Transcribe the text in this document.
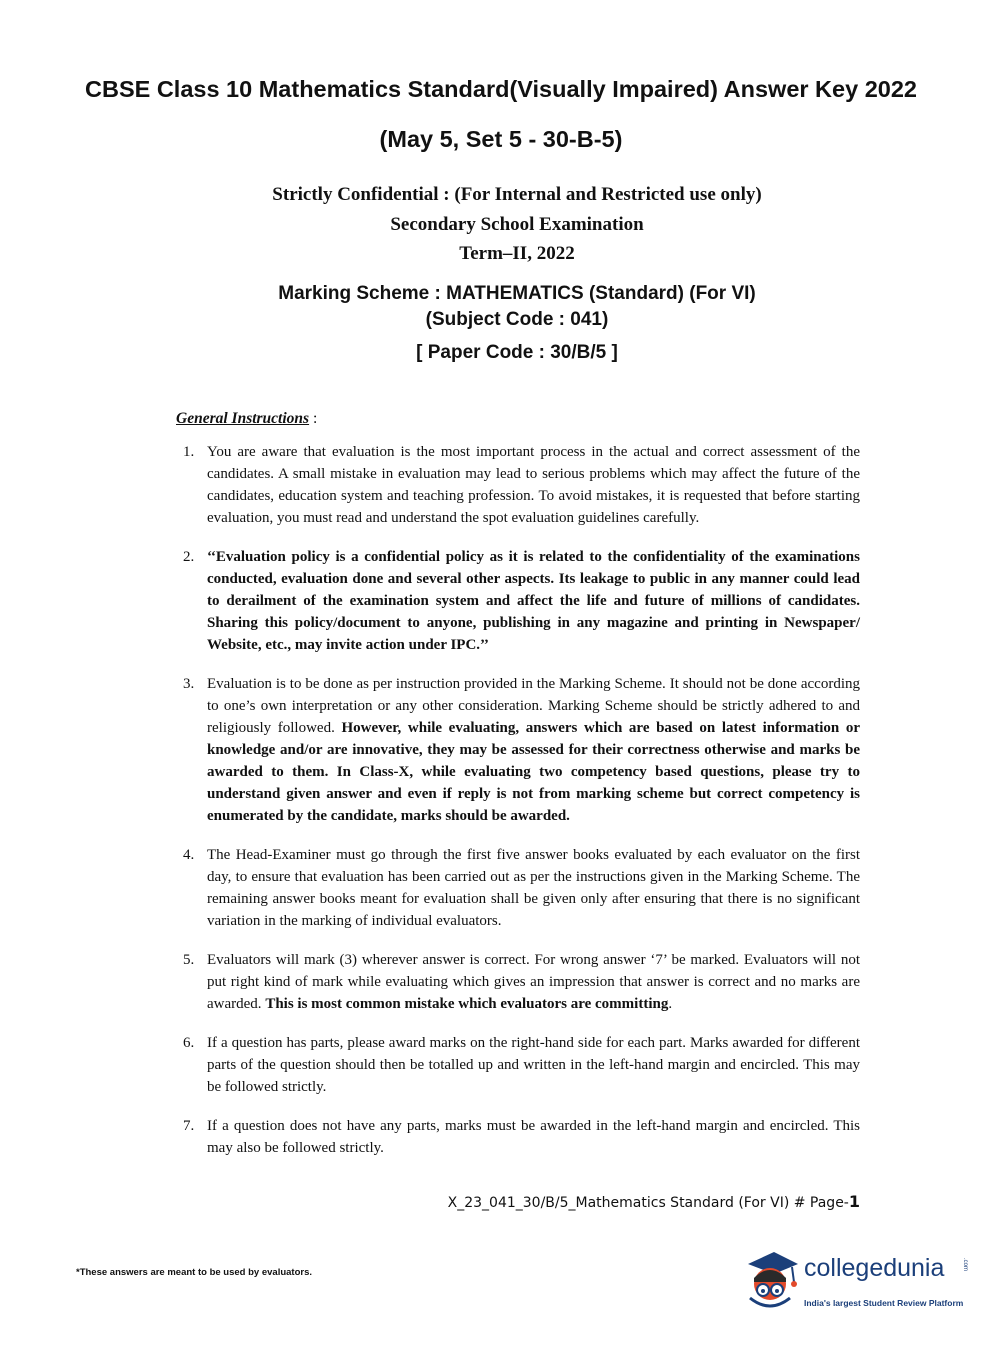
CBSE Class 10 Mathematics Standard(Visually Impaired) Answer Key 2022
(May 5, Set 5 - 30-B-5)
Strictly Confidential : (For Internal and Restricted use only)
Secondary School Examination
Term–II, 2022
Marking Scheme : MATHEMATICS (Standard) (For VI)
(Subject Code : 041)
[ Paper Code : 30/B/5 ]
General Instructions :
1. You are aware that evaluation is the most important process in the actual and correct assessment of the candidates. A small mistake in evaluation may lead to serious problems which may affect the future of the candidates, education system and teaching profession. To avoid mistakes, it is requested that before starting evaluation, you must read and understand the spot evaluation guidelines carefully.
2. ‘‘Evaluation policy is a confidential policy as it is related to the confidentiality of the examinations conducted, evaluation done and several other aspects. Its leakage to public in any manner could lead to derailment of the examination system and affect the life and future of millions of candidates. Sharing this policy/document to anyone, publishing in any magazine and printing in Newspaper/ Website, etc., may invite action under IPC.’’
3. Evaluation is to be done as per instruction provided in the Marking Scheme. It should not be done according to one’s own interpretation or any other consideration. Marking Scheme should be strictly adhered to and religiously followed. However, while evaluating, answers which are based on latest information or knowledge and/or are innovative, they may be assessed for their correctness otherwise and marks be awarded to them. In Class-X, while evaluating two competency based questions, please try to understand given answer and even if reply is not from marking scheme but correct competency is enumerated by the candidate, marks should be awarded.
4. The Head-Examiner must go through the first five answer books evaluated by each evaluator on the first day, to ensure that evaluation has been carried out as per the instructions given in the Marking Scheme. The remaining answer books meant for evaluation shall be given only after ensuring that there is no significant variation in the marking of individual evaluators.
5. Evaluators will mark (3) wherever answer is correct. For wrong answer ‘7’ be marked. Evaluators will not put right kind of mark while evaluating which gives an impression that answer is correct and no marks are awarded. This is most common mistake which evaluators are committing.
6. If a question has parts, please award marks on the right-hand side for each part. Marks awarded for different parts of the question should then be totalled up and written in the left-hand margin and encircled. This may be followed strictly.
7. If a question does not have any parts, marks must be awarded in the left-hand margin and encircled. This may also be followed strictly.
X_23_041_30/B/5_Mathematics Standard (For VI) # Page-1
*These answers are meant to be used by evaluators.	collegedunia	.com
India's largest Student Review Platform
